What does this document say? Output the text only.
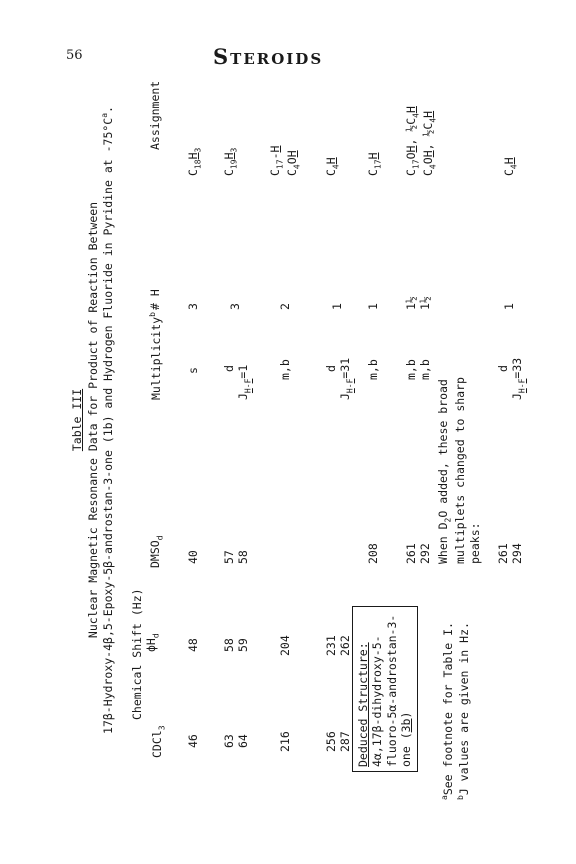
56	Steroids
Table III Nuclear Magnetic Resonance Data for Product of Reaction Between 17β-Hydroxy-4β,5-Epoxy-5β-androstan-3-one (1b) and Hydrogen Fluoride in Pyridine at $-75^\circ C^a$.
Chemical Shift (Hz)
CDCl$_3$
$\phi H_d$
$DMSO_d$
Multiplicity$^b$
# H
Assignment
46
48
40
s
3
$C_{18}H_3$
63
64
58
59
57
58
d
$J_{H-F}=1$
3
$C_{19}H_3$
216
204
m,b
2
$C_{17}-H$
$C_4OH$
256
287
231
262
d
$J_{H-F}=31$
1
$C_4H$
208
m,b
1
$C_{17}H$
261
292
m,b
m,b
1½
1½
$C_{17}OH$, $\frac{1}{2}C_4H$
$C_4OH$, $\frac{1}{2}C_4H$
When $D_2O$ added, these broad multiplets changed to sharp peaks: 261
294
d
$J_{H-F}=33$
1
$C_4H$
Deduced Structure:
4α,17β-dihydroxy-5-fluoro-5α-androstan-3-one (3b)
$^a$See footnote for Table I.
$^b$J values are given in Hz.
